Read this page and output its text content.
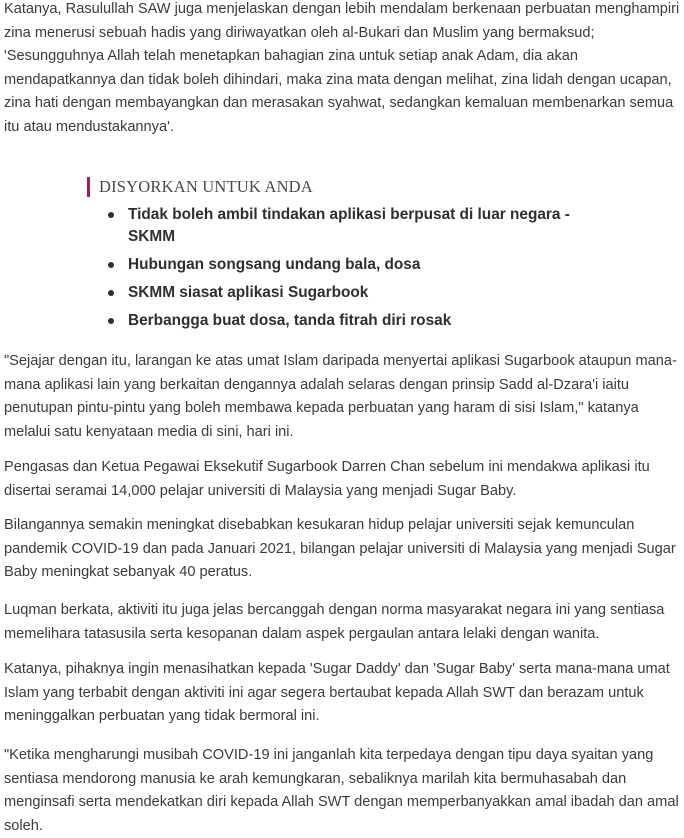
Katanya, Rasulullah SAW juga menjelaskan dengan lebih mendalam berkenaan perbuatan menghampiri zina menerusi sebuah hadis yang diriwayatkan oleh al-Bukari dan Muslim yang bermaksud; 'Sesungguhnya Allah telah menetapkan bahagian zina untuk setiap anak Adam, dia akan mendapatkannya dan tidak boleh dihindari, maka zina mata dengan melihat, zina lidah dengan ucapan, zina hati dengan membayangkan dan merasakan syahwat, sedangkan kemaluan membenarkan semua itu atau mendustakannya'.

DISYORKAN UNTUK ANDA
Tidak boleh ambil tindakan aplikasi berpusat di luar negara - SKMM
Hubungan songsang undang bala, dosa
SKMM siasat aplikasi Sugarbook
Berbangga buat dosa, tanda fitrah diri rosak

"Sejajar dengan itu, larangan ke atas umat Islam daripada menyertai aplikasi Sugarbook ataupun mana-mana aplikasi lain yang berkaitan dengannya adalah selaras dengan prinsip Sadd al-Dzara'i iaitu penutupan pintu-pintu yang boleh membawa kepada perbuatan yang haram di sisi Islam," katanya melalui satu kenyataan media di sini, hari ini.

Pengasas dan Ketua Pegawai Eksekutif Sugarbook Darren Chan sebelum ini mendakwa aplikasi itu disertai seramai 14,000 pelajar universiti di Malaysia yang menjadi Sugar Baby.

Bilangannya semakin meningkat disebabkan kesukaran hidup pelajar universiti sejak kemunculan pandemik COVID-19 dan pada Januari 2021, bilangan pelajar universiti di Malaysia yang menjadi Sugar Baby meningkat sebanyak 40 peratus.

Luqman berkata, aktiviti itu juga jelas bercanggah dengan norma masyarakat negara ini yang sentiasa memelihara tatasusila serta kesopanan dalam aspek pergaulan antara lelaki dengan wanita.

Katanya, pihaknya ingin menasihatkan kepada 'Sugar Daddy' dan 'Sugar Baby' serta mana-mana umat Islam yang terbabit dengan aktiviti ini agar segera bertaubat kepada Allah SWT dan berazam untuk meninggalkan perbuatan yang tidak bermoral ini.

"Ketika mengharungi musibah COVID-19 ini janganlah kita terpedaya dengan tipu daya syaitan yang sentiasa mendorong manusia ke arah kemungkaran, sebaliknya marilah kita bermuhasabah dan menginsafi serta mendekatkan diri kepada Allah SWT dengan memperbanyakkan amal ibadah dan amal soleh.
